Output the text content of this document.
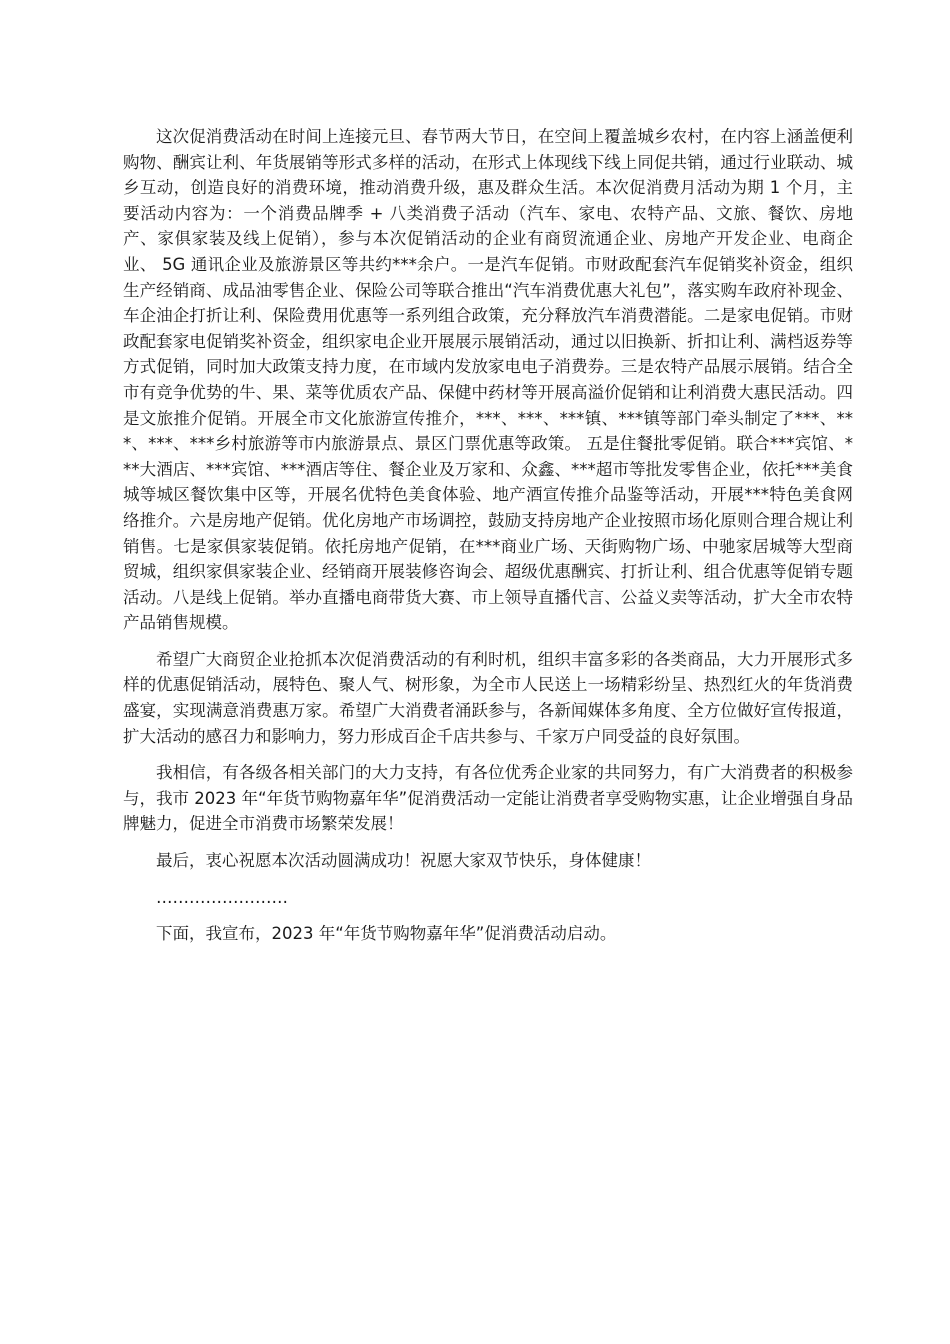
这次促消费活动在时间上连接元旦、春节两大节日，在空间上覆盖城乡农村，在内容上涵盖便利购物、酬宾让利、年货展销等形式多样的活动，在形式上体现线下线上同促共销，通过行业联动、城乡互动，创造良好的消费环境，推动消费升级，惠及群众生活。本次促消费月活动为期 1 个月，主要活动内容为：一个消费品牌季 + 八类消费子活动（汽车、家电、农特产品、文旅、餐饮、房地产、家俱家装及线上促销），参与本次促销活动的企业有商贸流通企业、房地产开发企业、电商企业、 5G 通讯企业及旅游景区等共约***余户。一是汽车促销。市财政配套汽车促销奖补资金，组织生产经销商、成品油零售企业、保险公司等联合推出“汽车消费优惠大礼包”，落实购车政府补现金、车企油企打折让利、保险费用优惠等一系列组合政策，充分释放汽车消费潜能。二是家电促销。市财政配套家电促销奖补资金，组织家电企业开展展示展销活动，通过以旧换新、折扣让利、满档返券等方式促销，同时加大政策支持力度，在市域内发放家电电子消费券。三是农特产品展示展销。结合全市有竞争优势的牛、果、菜等优质农产品、保健中药材等开展高溢价促销和让利消费大惠民活动。四是文旅推介促销。开展全市文化旅游宣传推介，***、***、***镇、***镇等部门牵头制定了***、***、***、***乡村旅游等市内旅游景点、景区门票优惠等政策。 五是住餐批零促销。联合***宾馆、***大酒店、***宾馆、***酒店等住、餐企业及万家和、众鑫、***超市等批发零售企业，依托***美食城等城区餐饮集中区等，开展名优特色美食体验、地产酒宣传推介品鉴等活动，开展***特色美食网络推介。六是房地产促销。优化房地产市场调控，鼓励支持房地产企业按照市场化原则合理合规让利销售。七是家俱家装促销。依托房地产促销，在***商业广场、天街购物广场、中驰家居城等大型商贸城，组织家俱家装企业、经销商开展装修咨询会、超级优惠酬宾、打折让利、组合优惠等促销专题活动。八是线上促销。举办直播电商带货大赛、市上领导直播代言、公益义卖等活动，扩大全市农特产品销售规模。

希望广大商贸企业抢抓本次促消费活动的有利时机，组织丰富多彩的各类商品，大力开展形式多样的优惠促销活动，展特色、聚人气、树形象，为全市人民送上一场精彩纷呈、热烈红火的年货消费盛宴，实现满意消费惠万家。希望广大消费者涌跃参与，各新闻媒体多角度、全方位做好宣传报道，扩大活动的感召力和影响力，努力形成百企千店共参与、千家万户同受益的良好氛围。

我相信，有各级各相关部门的大力支持，有各位优秀企业家的共同努力，有广大消费者的积极参与，我市 2023 年“年货节购物嘉年华”促消费活动一定能让消费者享受购物实惠，让企业增强自身品牌魅力，促进全市消费市场繁荣发展！

最后，衷心祝愿本次活动圆满成功！祝愿大家双节快乐，身体健康！

……………………

下面，我宣布，2023 年“年货节购物嘉年华”促消费活动启动。
